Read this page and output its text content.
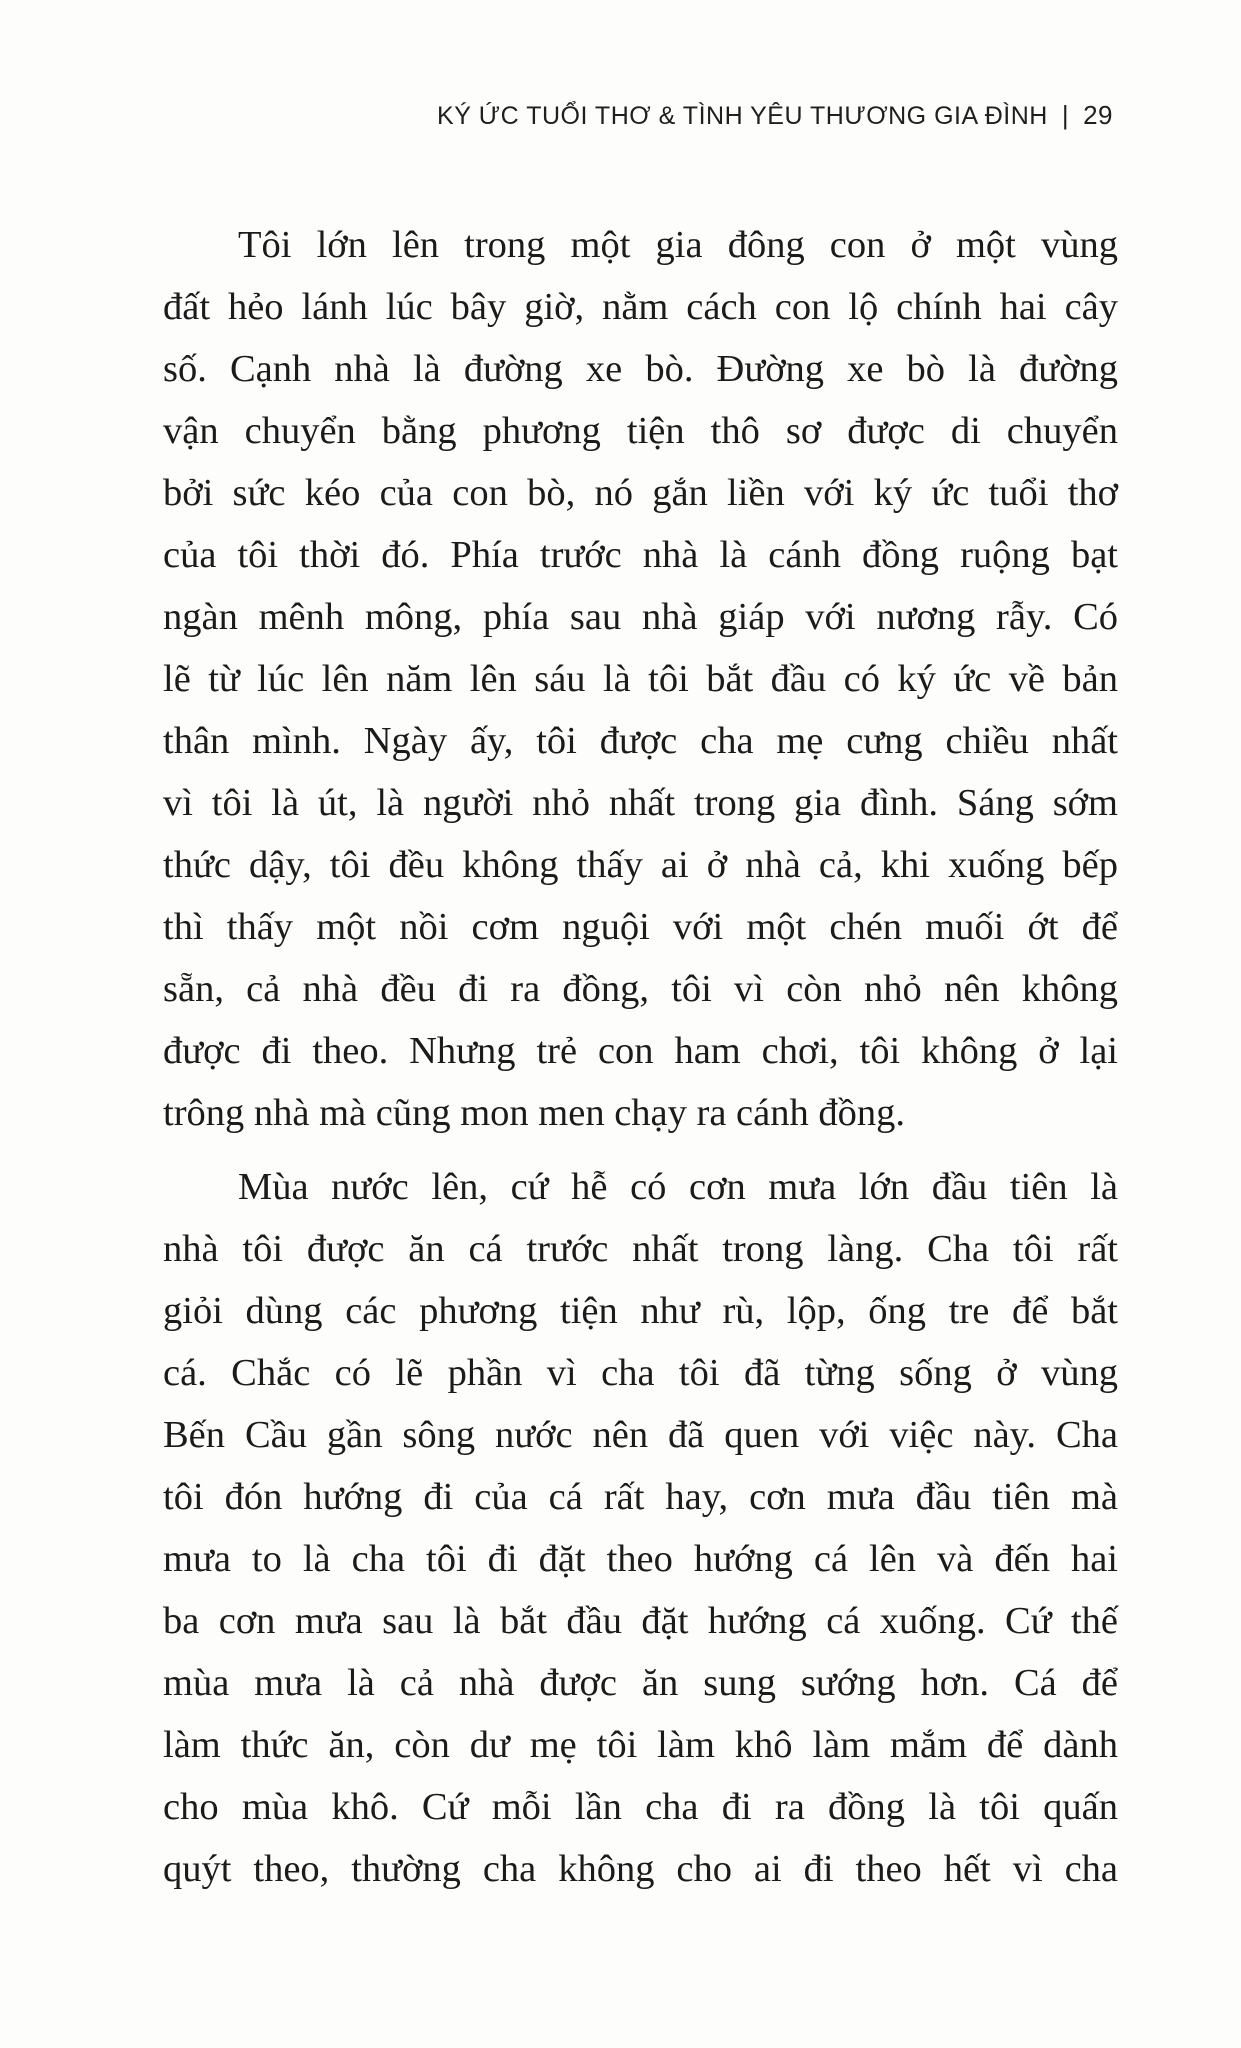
KÝ ỨC TUỔI THƠ & TÌNH YÊU THƯƠNG GIA ĐÌNH | 29

Tôi lớn lên trong một gia đông con ở một vùng
đất hẻo lánh lúc bây giờ, nằm cách con lộ chính hai cây
số. Cạnh nhà là đường xe bò. Đường xe bò là đường
vận chuyển bằng phương tiện thô sơ được di chuyển
bởi sức kéo của con bò, nó gắn liền với ký ức tuổi thơ
của tôi thời đó. Phía trước nhà là cánh đồng ruộng bạt
ngàn mênh mông, phía sau nhà giáp với nương rẫy. Có
lẽ từ lúc lên năm lên sáu là tôi bắt đầu có ký ức về bản
thân mình. Ngày ấy, tôi được cha mẹ cưng chiều nhất
vì tôi là út, là người nhỏ nhất trong gia đình. Sáng sớm
thức dậy, tôi đều không thấy ai ở nhà cả, khi xuống bếp
thì thấy một nồi cơm nguội với một chén muối ớt để
sẵn, cả nhà đều đi ra đồng, tôi vì còn nhỏ nên không
được đi theo. Nhưng trẻ con ham chơi, tôi không ở lại
trông nhà mà cũng mon men chạy ra cánh đồng.

Mùa nước lên, cứ hễ có cơn mưa lớn đầu tiên là
nhà tôi được ăn cá trước nhất trong làng. Cha tôi rất
giỏi dùng các phương tiện như rù, lộp, ống tre để bắt
cá. Chắc có lẽ phần vì cha tôi đã từng sống ở vùng
Bến Cầu gần sông nước nên đã quen với việc này. Cha
tôi đón hướng đi của cá rất hay, cơn mưa đầu tiên mà
mưa to là cha tôi đi đặt theo hướng cá lên và đến hai
ba cơn mưa sau là bắt đầu đặt hướng cá xuống. Cứ thế
mùa mưa là cả nhà được ăn sung sướng hơn. Cá để
làm thức ăn, còn dư mẹ tôi làm khô làm mắm để dành
cho mùa khô. Cứ mỗi lần cha đi ra đồng là tôi quấn
quýt theo, thường cha không cho ai đi theo hết vì cha
